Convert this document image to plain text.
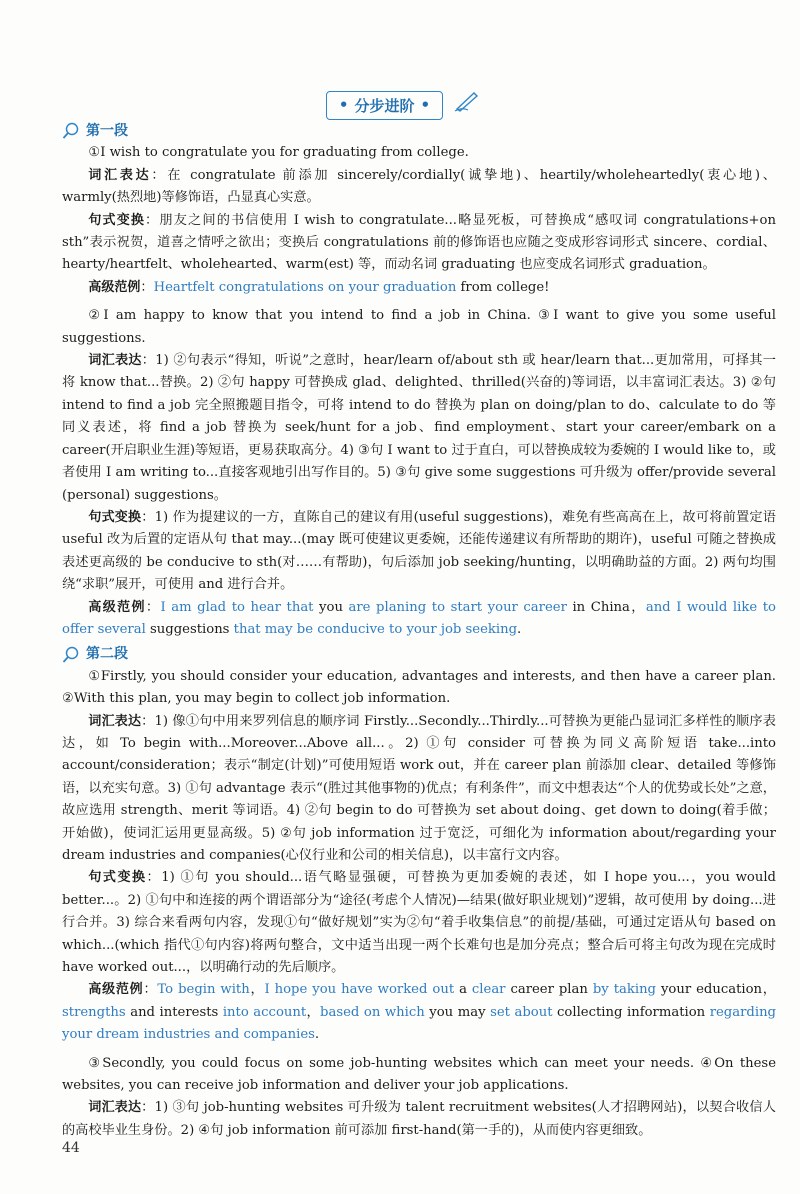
• 分步进阶 •

第一段

①I wish to congratulate you for graduating from college.

词汇表达：在 congratulate 前添加 sincerely/cordially(诚挚地)、heartily/wholeheartedly(衷心地)、warmly(热烈地)等修饰语，凸显真心实意。

句式变换：朋友之间的书信使用 I wish to congratulate...略显死板，可替换成“感叹词 congratulations+on sth”表示祝贺，道喜之情呼之欲出；变换后 congratulations 前的修饰语也应随之变成形容词形式 sincere、cordial、hearty/heartfelt、wholehearted、warm(est) 等，而动名词 graduating 也应变成名词形式 graduation。

高级范例：Heartfelt congratulations on your graduation from college!

②I am happy to know that you intend to find a job in China. ③I want to give you some useful suggestions.

词汇表达：1) ②句表示“得知，听说”之意时，hear/learn of/about sth 或 hear/learn that...更加常用，可择其一将 know that...替换。2) ②句 happy 可替换成 glad、delighted、thrilled(兴奋的)等词语，以丰富词汇表达。3) ②句 intend to find a job 完全照搬题目指令，可将 intend to do 替换为 plan on doing/plan to do、calculate to do 等同义表述，将 find a job 替换为 seek/hunt for a job、find employment、start your career/embark on a career(开启职业生涯)等短语，更易获取高分。4) ③句 I want to 过于直白，可以替换成较为委婉的 I would like to，或者使用 I am writing to...直接客观地引出写作目的。5) ③句 give some suggestions 可升级为 offer/provide several (personal) suggestions。

句式变换：1) 作为提建议的一方，直陈自己的建议有用(useful suggestions)，难免有些高高在上，故可将前置定语 useful 改为后置的定语从句 that may...(may 既可使建议更委婉，还能传递建议有所帮助的期许)，useful 可随之替换成表述更高级的 be conducive to sth(对……有帮助)，句后添加 job seeking/hunting，以明确助益的方面。2) 两句均围绕“求职”展开，可使用 and 进行合并。

高级范例：I am glad to hear that you are planing to start your career in China，and I would like to offer several suggestions that may be conducive to your job seeking.

第二段

①Firstly, you should consider your education, advantages and interests, and then have a career plan. ②With this plan, you may begin to collect job information.

词汇表达：1) 像①句中用来罗列信息的顺序词 Firstly...Secondly...Thirdly...可替换为更能凸显词汇多样性的顺序表达，如 To begin with...Moreover...Above all...。2) ①句 consider 可替换为同义高阶短语 take...into account/consideration；表示“制定(计划)”可使用短语 work out，并在 career plan 前添加 clear、detailed 等修饰语，以充实句意。3) ①句 advantage 表示“(胜过其他事物的)优点；有利条件”，而文中想表达“个人的优势或长处”之意，故应选用 strength、merit 等词语。4) ②句 begin to do 可替换为 set about doing、get down to doing(着手做；开始做)，使词汇运用更显高级。5) ②句 job information 过于宽泛，可细化为 information about/regarding your dream industries and companies(心仪行业和公司的相关信息)，以丰富行文内容。

句式变换：1) ①句 you should...语气略显强硬，可替换为更加委婉的表述，如 I hope you...，you would better...。2) ①句中和连接的两个谓语部分为“途径(考虑个人情况)—结果(做好职业规划)”逻辑，故可使用 by doing...进行合并。3) 综合来看两句内容，发现①句“做好规划”实为②句“着手收集信息”的前提/基础，可通过定语从句 based on which...(which 指代①句内容)将两句整合，文中适当出现一两个长难句也是加分亮点；整合后可将主句改为现在完成时 have worked out...，以明确行动的先后顺序。

高级范例：To begin with，I hope you have worked out a clear career plan by taking your education，strengths and interests into account，based on which you may set about collecting information regarding your dream industries and companies.

③Secondly, you could focus on some job-hunting websites which can meet your needs. ④On these websites, you can receive job information and deliver your job applications.

词汇表达：1) ③句 job-hunting websites 可升级为 talent recruitment websites(人才招聘网站)，以契合收信人的高校毕业生身份。2) ④句 job information 前可添加 first-hand(第一手的)，从而使内容更细致。

44
